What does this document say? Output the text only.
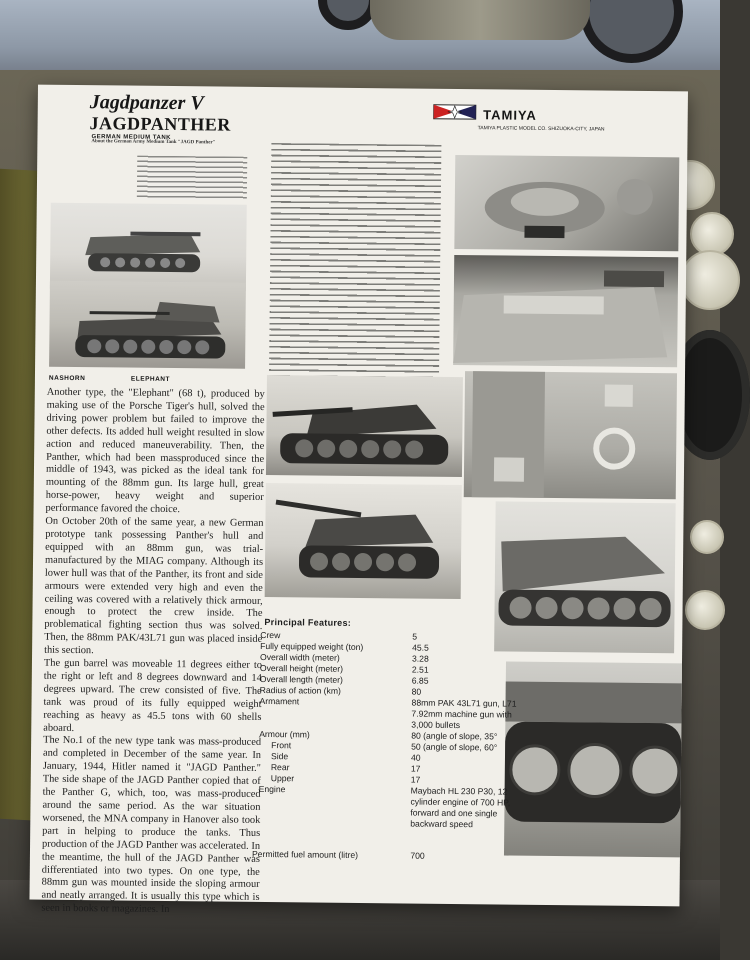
Jagdpanzer V

JAGDPANTHER

GERMAN MEDIUM TANK

TAMIYA
TAMIYA PLASTIC MODEL CO. SHIZUOKA-CITY, JAPAN
About the German Army Medium Tank "JAGD Panther"
NASHORN	ELEPHANT

Another type, the "Elephant" (68 t), produced by making use of the Porsche Tiger's hull, solved the driving power problem but failed to improve the other defects. Its added hull weight resulted in slow action and reduced maneuverability. Then, the Panther, which had been massproduced since the middle of 1943, was picked as the ideal tank for mounting of the 88mm gun. Its large hull, great horse-power, heavy weight and superior performance favored the choice.

On October 20th of the same year, a new German prototype tank possessing Panther's hull and equipped with an 88mm gun, was trial-manufactured by the MIAG company. Although its lower hull was that of the Panther, its front and side armours were extended very high and even the ceiling was covered with a relatively thick armour, enough to protect the crew inside. The problematical fighting section thus was solved. Then, the 88mm PAK/43L71 gun was placed inside this section.

The gun barrel was moveable 11 degrees either to the right or left and 8 degrees downward and 14 degrees upward. The crew consisted of five. The tank was proud of its fully equipped weight reaching as heavy as 45.5 tons with 60 shells aboard.

The No.1 of the new type tank was mass-produced and completed in December of the same year. In January, 1944, Hitler named it "JAGD Panther." The side shape of the JAGD Panther copied that of the Panther G, which, too, was mass-produced around the same period. As the war situation worsened, the MNA company in Hanover also took part in helping to produce the tanks. Thus production of the JAGD Panther was accelerated. In the meantime, the hull of the JAGD Panther was differentiated into two types. On one type, the 88mm gun was mounted inside the sloping armour and neatly arranged. It is usually this type which is seen in books or magazines. In

Principal Features:
Crew	5
Fully equipped weight (ton)	45.5
Overall width (meter)	3.28
Overall height (meter)	2.51
Overall length (meter)	6.85
Radius of action (km)	80
Armament	88mm PAK 43L71 gun, L71 7.92mm machine gun with 3,000 bullets
Armour (mm)	80 (angle of slope, 35°
Front	50 (angle of slope, 60°
Side	40
Rear	17
Upper	17
Engine	Maybach HL 230 P30, 12 cylinder engine of 700 HP, forward and one single backward speed
Permitted fuel amount (litre)	700
